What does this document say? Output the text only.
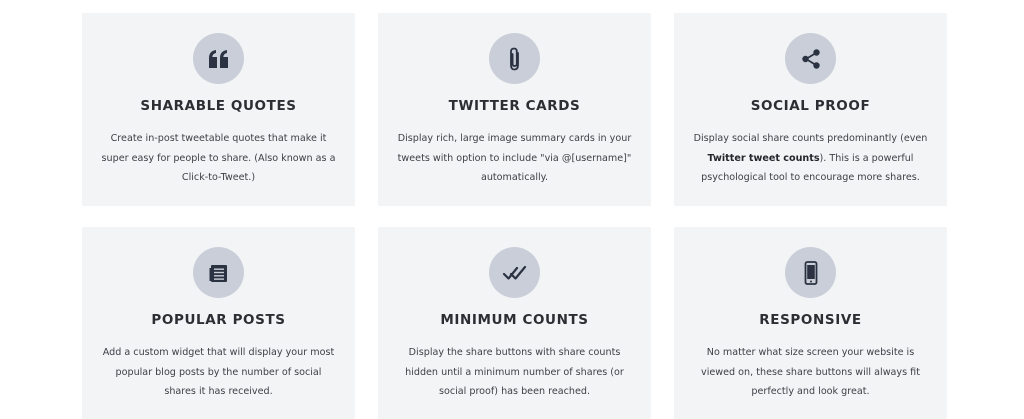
SHARABLE QUOTES
Create in-post tweetable quotes that make it super easy for people to share. (Also known as a Click-to-Tweet.)
TWITTER CARDS
Display rich, large image summary cards in your tweets with option to include "via @[username]" automatically.
SOCIAL PROOF
Display social share counts predominantly (even Twitter tweet counts). This is a powerful psychological tool to encourage more shares.
POPULAR POSTS
Add a custom widget that will display your most popular blog posts by the number of social shares it has received.
MINIMUM COUNTS
Display the share buttons with share counts hidden until a minimum number of shares (or social proof) has been reached.
RESPONSIVE
No matter what size screen your website is viewed on, these share buttons will always fit perfectly and look great.
